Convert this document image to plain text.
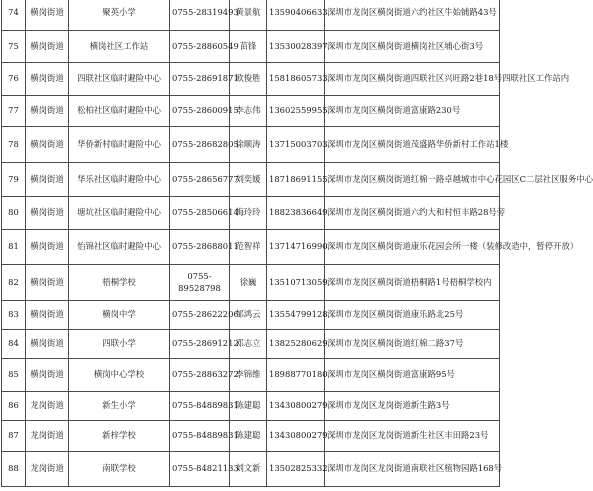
74	横岗街道	聚英小学	0755-28319493	黄景航	13590406633	深圳市龙岗区横岗街道六约社区牛始铺路43号
75	横岗街道	横岗社区工作站	0755-28860549	苗锋	13530028397	深圳市龙岗区横岗街道横岗社区埔心街3号
76	横岗街道	四联社区临时避险中心	0755-28691871	欧俊胜	15818605733	深圳市龙岗区横岗街道四联社区兴旺路2巷18号四联社区工作站内
77	横岗街道	松柏社区临时避险中心	0755-28600915	李志伟	13602559955	深圳市龙岗区横岗街道富康路230号
78	横岗街道	华侨新村临时避险中心	0755-28682805	徐顺涛	13715003703	深圳市龙岗区横岗街道茂盛路华侨新村工作站1楼
79	横岗街道	华乐社区临时避险中心	0755-28656777	刘奕媛	18718691155	深圳市龙岗区横岗街道红棉一路卓越城市中心花园区C二层社区服务中心
80	横岗街道	塘坑社区临时避险中心	0755-28506614	梅玲玲	18823836649	深圳市龙岗区横岗街道六约大和村恒丰路28号旁
81	横岗街道	怡锦社区临时避险中心	0755-28688011	范智祥	13714716990	深圳市龙岗区横岗街道康乐花园会所一楼（装修改造中，暂停开放）
82	横岗街道	梧桐学校	0755-89528798	徐巍	13510713059	深圳市龙岗区横岗街道梧桐路1号梧桐学校内
83	横岗街道	横岗中学	0755-28622206	邹鸿云	13554799128	深圳市龙岗区横岗街道康乐路北25号
84	横岗街道	四联小学	0755-28691212	邓志立	13825280629	深圳市龙岗区横岗街道红棉二路37号
85	横岗街道	横岗中心学校	0755-28863272	李锦维	18988770180	深圳市龙岗区横岗街道富康路95号
86	龙岗街道	新生小学	0755-84889831	陈建聪	13430800279	深圳市龙岗区龙岗街道新生路3号
87	龙岗街道	新梓学校	0755-84889831	陈建聪	13430800279	深圳市龙岗区龙岗街道新生社区丰田路23号
88	龙岗街道	南联学校	0755-84821133	刘文新	13502825332	深圳市龙岗区龙岗街道南联社区植物园路168号
